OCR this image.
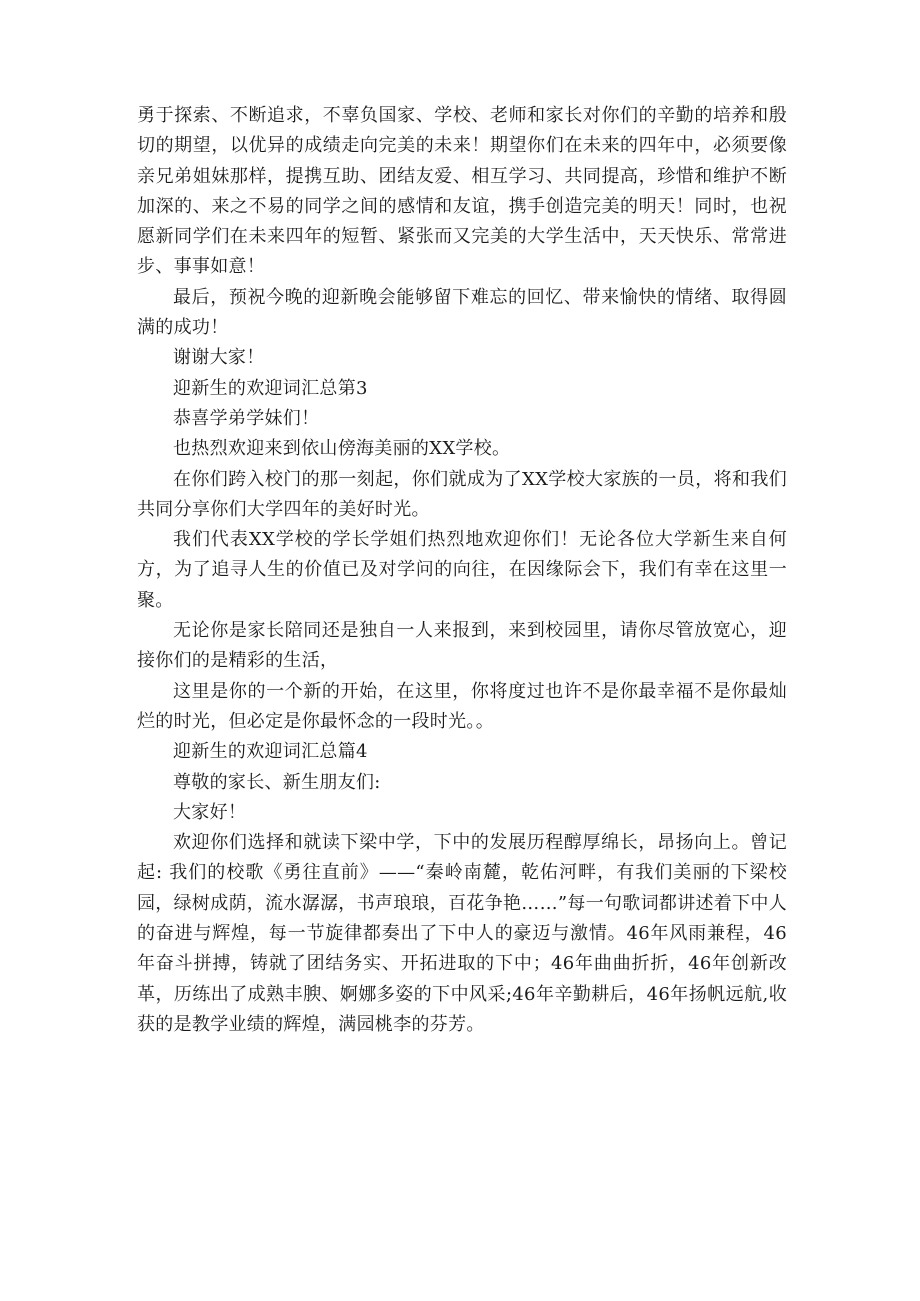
勇于探索、不断追求，不辜负国家、学校、老师和家长对你们的辛勤的培养和殷切的期望，以优异的成绩走向完美的未来！期望你们在未来的四年中，必须要像亲兄弟姐妹那样，提携互助、团结友爱、相互学习、共同提高，珍惜和维护不断加深的、来之不易的同学之间的感情和友谊，携手创造完美的明天！同时，也祝愿新同学们在未来四年的短暂、紧张而又完美的大学生活中，天天快乐、常常进步、事事如意！

最后，预祝今晚的迎新晚会能够留下难忘的回忆、带来愉快的情绪、取得圆满的成功！

谢谢大家！

迎新生的欢迎词汇总第3

恭喜学弟学妹们！

也热烈欢迎来到依山傍海美丽的XX学校。

在你们跨入校门的那一刻起，你们就成为了XX学校大家族的一员，将和我们共同分享你们大学四年的美好时光。

我们代表XX学校的学长学姐们热烈地欢迎你们！无论各位大学新生来自何方，为了追寻人生的价值已及对学问的向往，在因缘际会下，我们有幸在这里一聚。

无论你是家长陪同还是独自一人来报到，来到校园里，请你尽管放宽心，迎接你们的是精彩的生活，

这里是你的一个新的开始，在这里，你将度过也许不是你最幸福不是你最灿烂的时光，但必定是你最怀念的一段时光。。

迎新生的欢迎词汇总篇4

尊敬的家长、新生朋友们:

大家好！

欢迎你们选择和就读下梁中学，下中的发展历程醇厚绵长，昂扬向上。曾记起: 我们的校歌《勇往直前》——“秦岭南麓，乾佑河畔，有我们美丽的下梁校园，绿树成荫，流水潺潺，书声琅琅，百花争艳……”每一句歌词都讲述着下中人的奋进与辉煌，每一节旋律都奏出了下中人的豪迈与激情。46年风雨兼程，46年奋斗拼搏，铸就了团结务实、开拓进取的下中；46年曲曲折折，46年创新改革，历练出了成熟丰腴、婀娜多姿的下中风采;46年辛勤耕后，46年扬帆远航,收获的是教学业绩的辉煌，满园桃李的芬芳。
